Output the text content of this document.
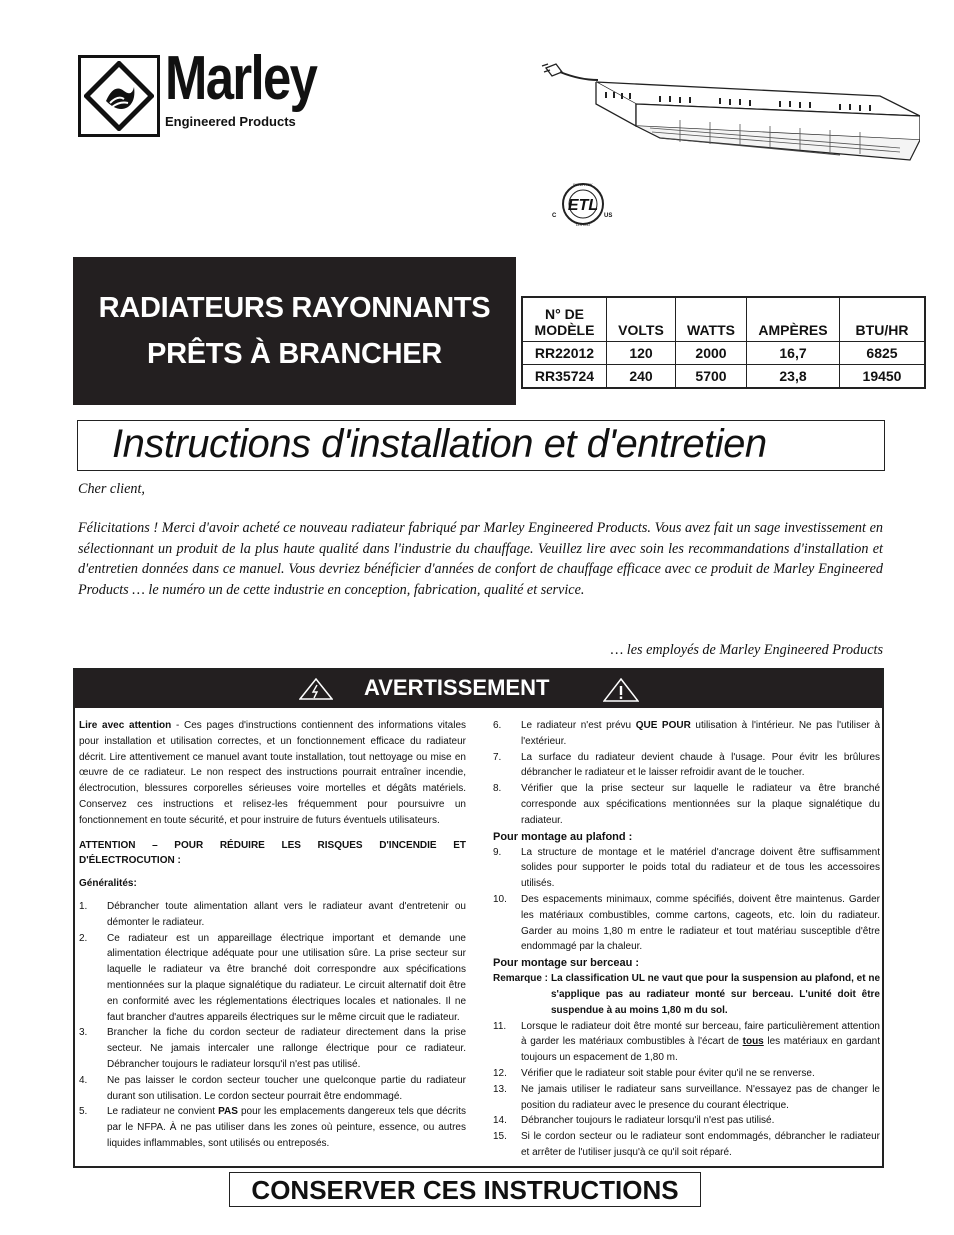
Marley
Engineered Products
ETL
INTERTEK
LISTED
C	US
RADIATEURS RAYONNANTS
PRÊTS À BRANCHER
N° DE
MODÈLE	VOLTS	WATTS	AMPÈRES	BTU/HR
RR22012	120	2000	16,7	6825
RR35724	240	5700	23,8	19450
Instructions d'installation et d'entretien
Cher client,
Félicitations ! Merci d'avoir acheté ce nouveau radiateur fabriqué par Marley Engineered Products. Vous avez fait un sage investissement en sélectionnant un produit de la plus haute qualité dans l'industrie du chauffage. Veuillez lire avec soin les recommandations d'installation et d'entretien données dans ce manuel. Vous devriez bénéficier d'années de confort de chauffage efficace avec ce produit de Marley Engineered Products … le numéro un de cette industrie en conception, fabrication, qualité et service.
… les employés de Marley Engineered Products
AVERTISSEMENT

Lire avec attention - Ces pages d'instructions contiennent des informations vitales pour installation et utilisation correctes, et un fonctionnement efficace du radiateur décrit. Lire attentivement ce manuel avant toute installation, tout nettoyage ou mise en œuvre de ce radiateur. Le non respect des instructions pourrait entraîner incendie, électrocution, blessures corporelles sérieuses voire mortelles et dégâts matériels. Conservez ces instructions et relisez-les fréquemment pour poursuivre un fonctionnement en toute sécurité, et pour instruire de futurs éventuels utilisateurs.

ATTENTION – POUR RÉDUIRE LES RISQUES D'INCENDIE ET D'ÉLECTROCUTION :

Généralités:

1.	Débrancher toute alimentation allant vers le radiateur avant d'entretenir ou démonter le radiateur.
2.	Ce radiateur est un appareillage électrique important et demande une alimentation électrique adéquate pour une utilisation sûre. La prise secteur sur laquelle le radiateur va être branché doit correspondre aux spécifications mentionnées sur la plaque signalétique du radiateur. Le circuit alternatif doit être en conformité avec les réglementations électriques locales et nationales. Il ne faut brancher d'autres appareils électriques sur le même circuit que le radiateur.
3.	Brancher la fiche du cordon secteur de radiateur directement dans la prise secteur. Ne jamais intercaler une rallonge électrique pour ce radiateur. Débrancher toujours le radiateur lorsqu'il n'est pas utilisé.
4.	Ne pas laisser le cordon secteur toucher une quelconque partie du radiateur durant son utilisation. Le cordon secteur pourrait être endommagé.
5.	Le radiateur ne convient PAS pour les emplacements dangereux tels que décrits par le NFPA. À ne pas utiliser dans les zones où peinture, essence, ou autres liquides inflammables, sont utilisés ou entreposés.
6.	Le radiateur n'est prévu QUE POUR utilisation à l'intérieur. Ne pas l'utiliser à l'extérieur.
7.	La surface du radiateur devient chaude à l'usage. Pour évitr les brûlures débrancher le radiateur et le laisser refroidir avant de le toucher.
8.	Vérifier que la prise secteur sur laquelle le radiateur va être branché corresponde aux spécifications mentionnées sur la plaque signalétique du radiateur.
Pour montage au plafond :
9.	La structure de montage et le matériel d'ancrage doivent être suffisamment solides pour supporter le poids total du radiateur et de tous les accessoires utilisés.
10.	Des espacements minimaux, comme spécifiés, doivent être maintenus. Garder les matériaux combustibles, comme cartons, cageots, etc. loin du radiateur. Garder au moins 1,80 m entre le radiateur et tout matériau susceptible d'être endommagé par la chaleur.
Pour montage sur berceau :
Remarque : La classification UL ne vaut que pour la suspension au plafond, et ne s'applique pas au radiateur monté sur berceau. L'unité doit être suspendue à au moins 1,80 m du sol.
11.	Lorsque le radiateur doit être monté sur berceau, faire particulièrement attention à garder les matériaux combustibles à l'écart de tous les matériaux en gardant toujours un espacement de 1,80 m.
12.	Vérifier que le radiateur soit stable pour éviter qu'il ne se renverse.
13.	Ne jamais utiliser le radiateur sans surveillance. N'essayez pas de changer le position du radiateur avec le presence du courant électrique.
14.	Débrancher toujours le radiateur lorsqu'il n'est pas utilisé.
15.	Si le cordon secteur ou le radiateur sont endommagés, débrancher le radiateur et arrêter de l'utiliser jusqu'à ce qu'il soit réparé.
CONSERVER CES INSTRUCTIONS
